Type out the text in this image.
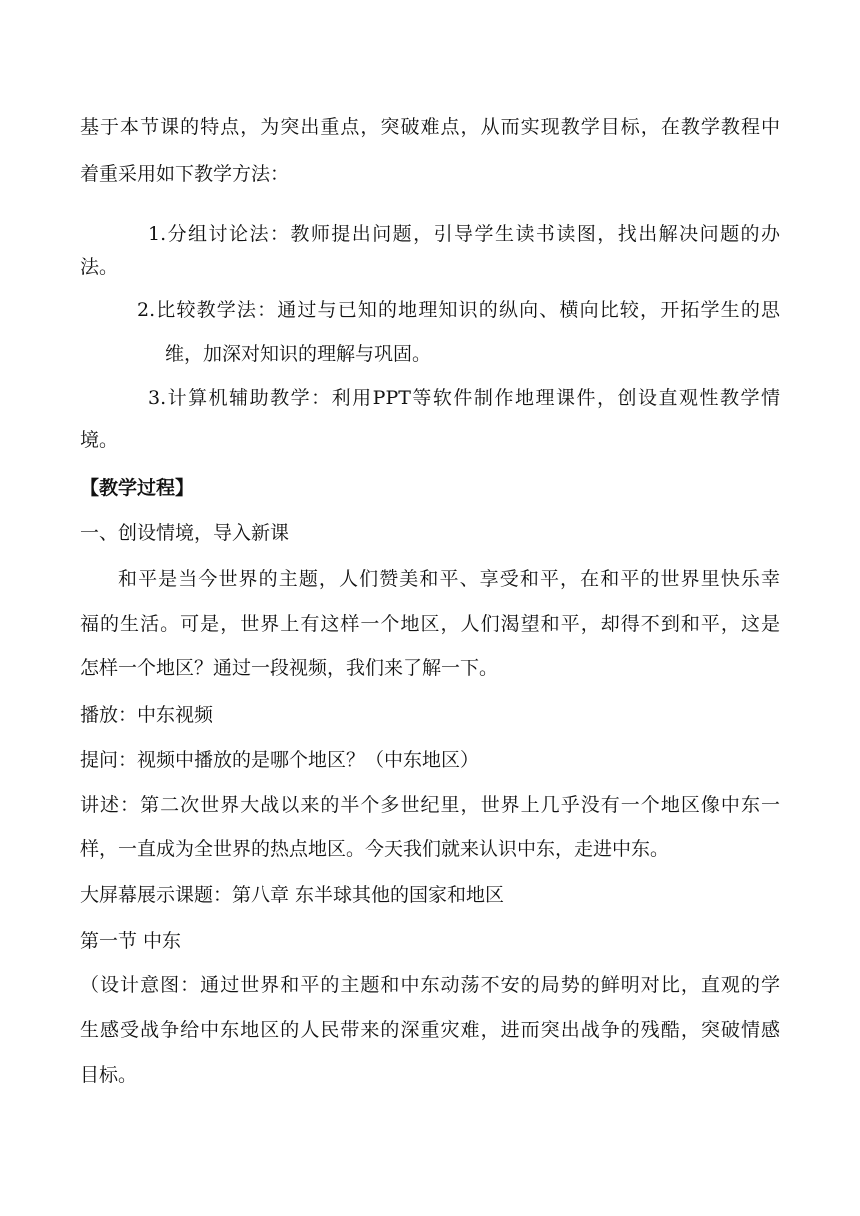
基于本节课的特点，为突出重点，突破难点，从而实现教学目标，在教学教程中
着重采用如下教学方法：
1.分组讨论法：教师提出问题，引导学生读书读图，找出解决问题的办
法。
2.比较教学法：通过与已知的地理知识的纵向、横向比较，开拓学生的思
维，加深对知识的理解与巩固。
3.计算机辅助教学：利用PPT等软件制作地理课件，创设直观性教学情
境。
【教学过程】
一、创设情境，导入新课
和平是当今世界的主题，人们赞美和平、享受和平，在和平的世界里快乐幸
福的生活。可是，世界上有这样一个地区，人们渴望和平，却得不到和平，这是
怎样一个地区？通过一段视频，我们来了解一下。
播放：中东视频
提问：视频中播放的是哪个地区？（中东地区）
讲述：第二次世界大战以来的半个多世纪里，世界上几乎没有一个地区像中东一
样，一直成为全世界的热点地区。今天我们就来认识中东，走进中东。
大屏幕展示课题：第八章 东半球其他的国家和地区
第一节 中东
（设计意图：通过世界和平的主题和中东动荡不安的局势的鲜明对比，直观的学
生感受战争给中东地区的人民带来的深重灾难，进而突出战争的残酷，突破情感
目标。
